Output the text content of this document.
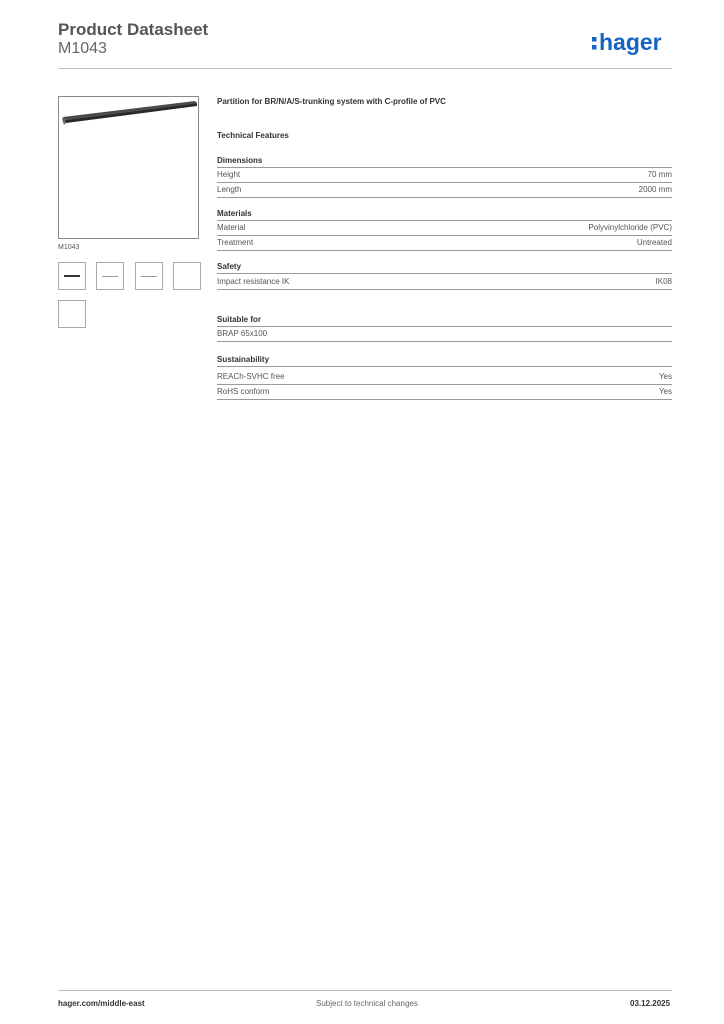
Product Datasheet
M1043	hager
M1043
Partition for BR/N/A/S-trunking system with C-profile of PVC
Technical Features
Dimensions
Height	70 mm
Length	2000 mm
Materials
Material	Polyvinylchloride (PVC)
Treatment	Untreated
Safety
Impact resistance IK	IK08
Suitable for
BRAP 65x100
Sustainability
REACh-SVHC free	Yes
RoHS conform	Yes
hager.com/middle-east	Subject to technical changes	03.12.2025
